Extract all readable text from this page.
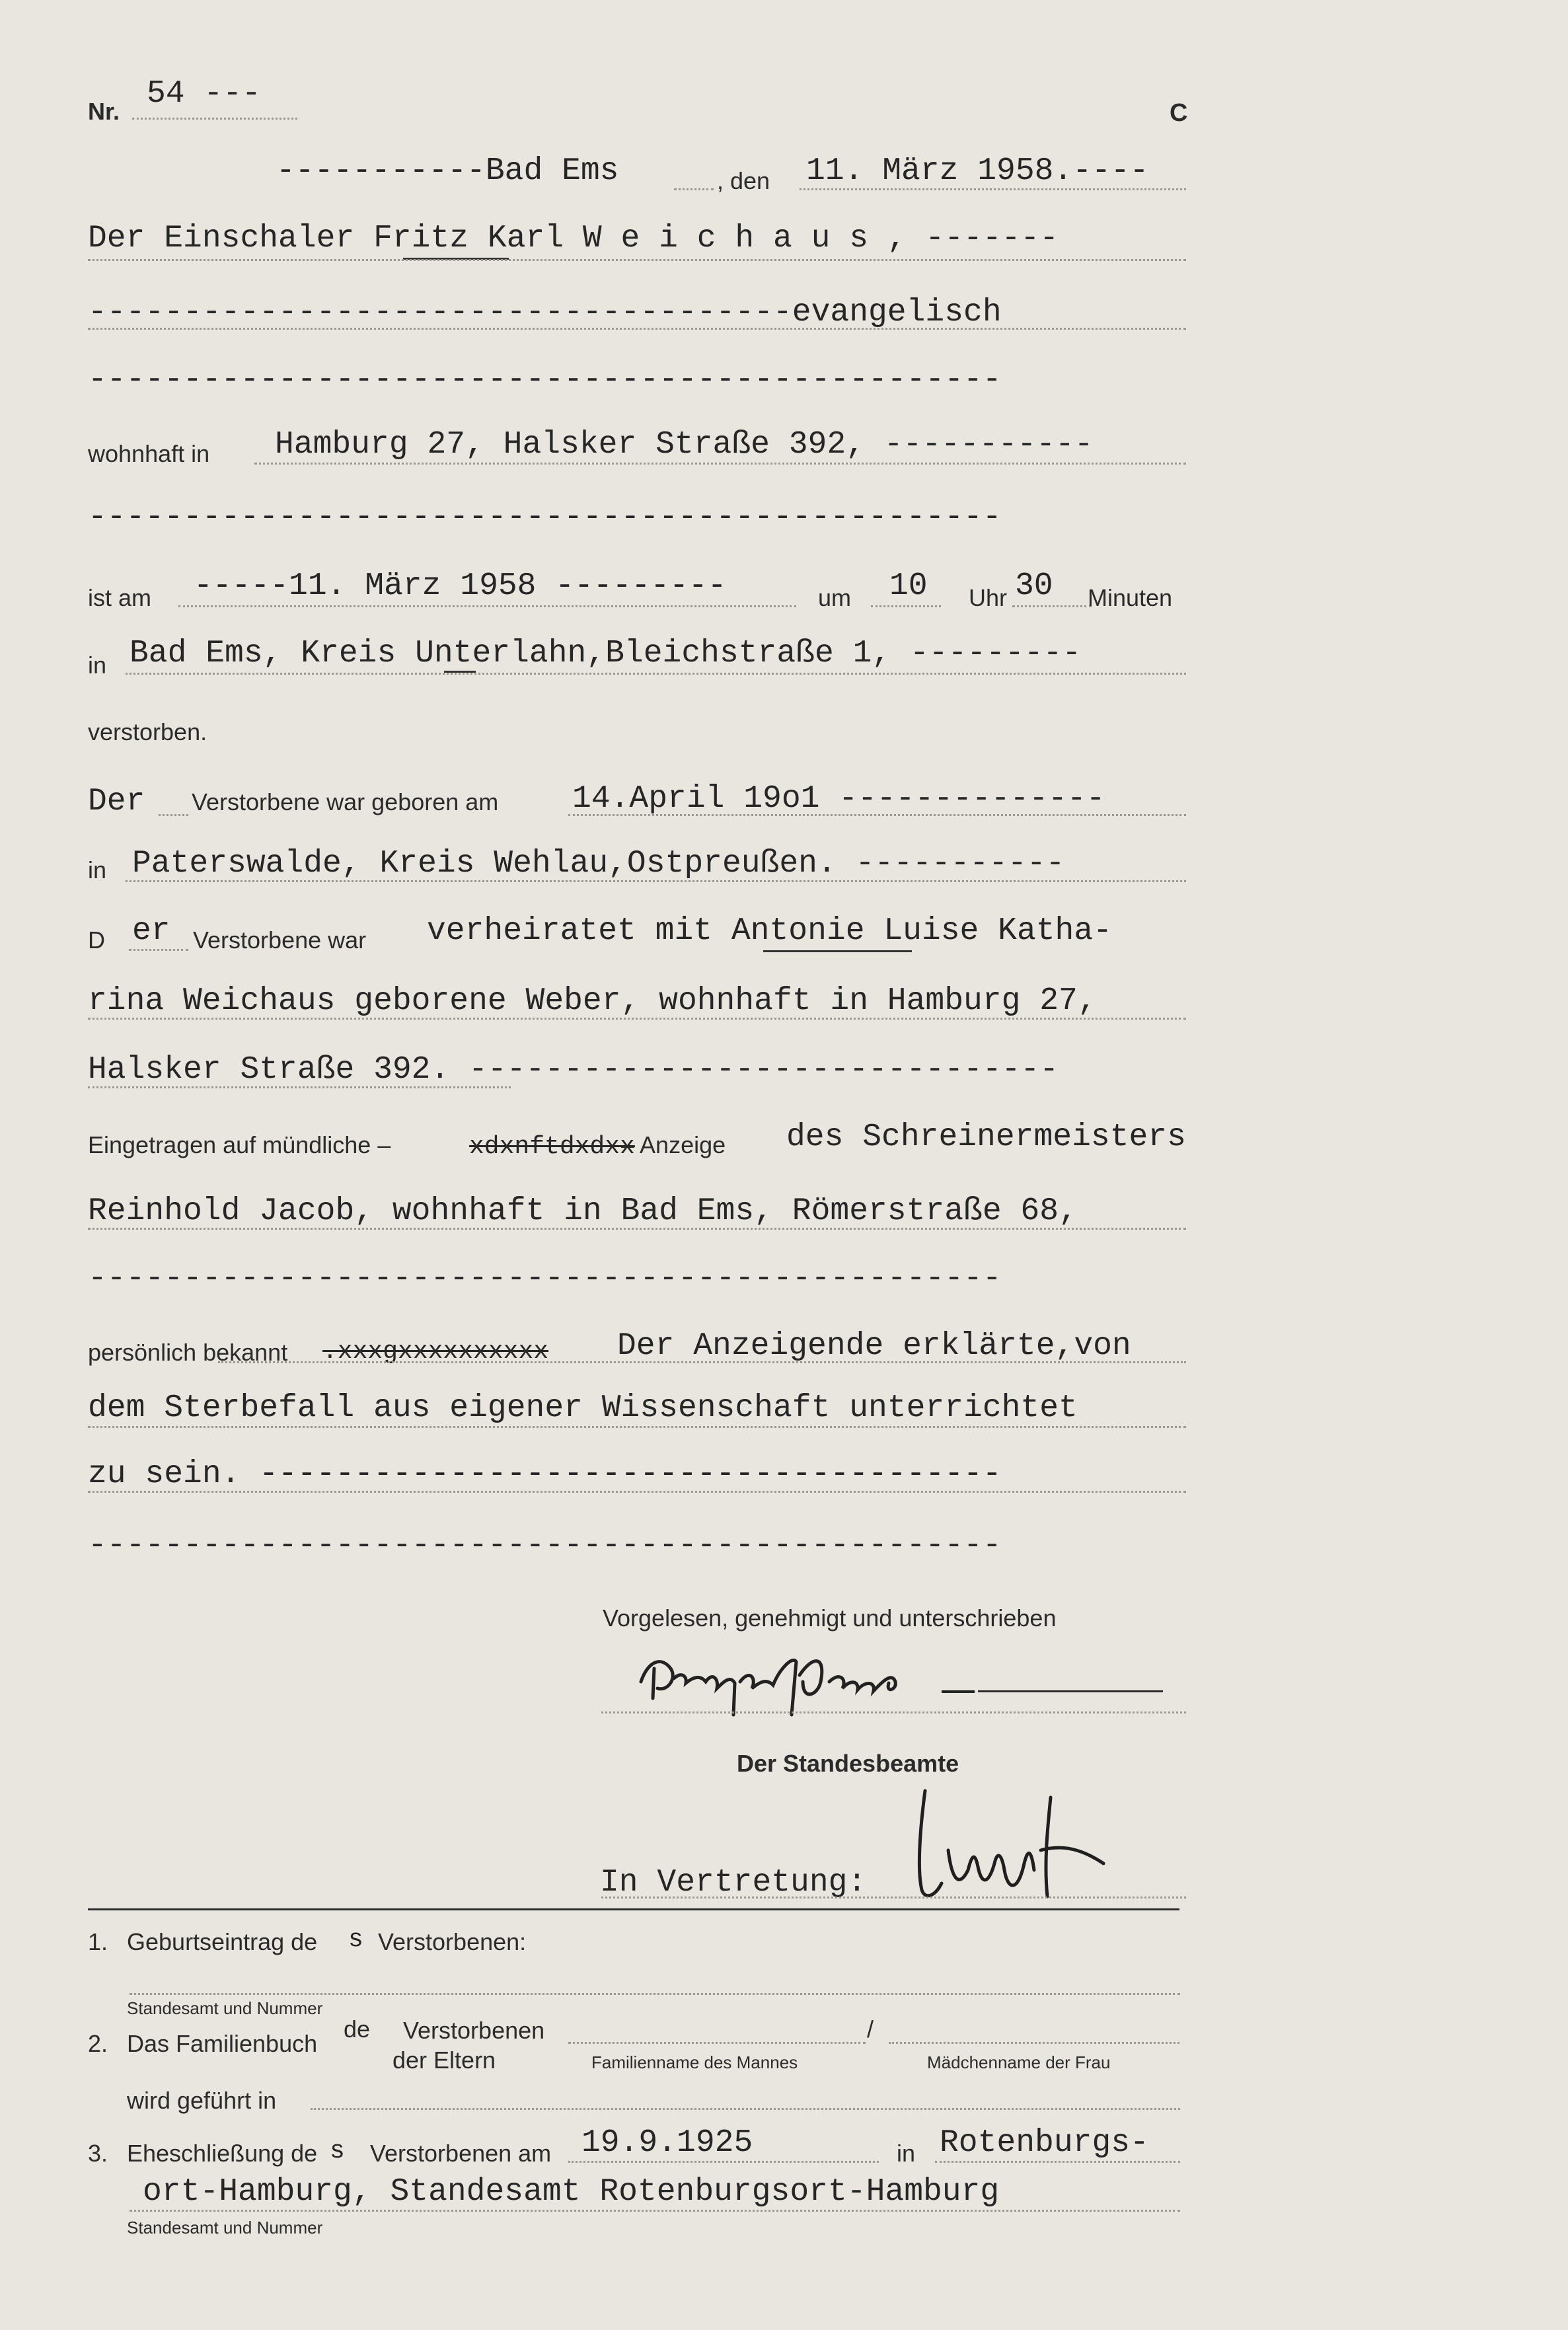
Nr. 54 ---
C
-----------Bad Ems	, den 11. März 1958.----
Der Einschaler Fritz Karl W e i c h a u s , -------
-------------------------------------evangelisch
------------------------------------------------
wohnhaft in Hamburg 27, Halsker Straße 392, -----------
------------------------------------------------
ist am -----11. März 1958 ---------	um 10 Uhr 30 Minuten
in Bad Ems, Kreis Unterlahn,Bleichstraße 1, ---------
verstorben.
Der Verstorbene war geboren am 14.April 19o1 --------------
in Paterswalde, Kreis Wehlau,Ostpreußen. -----------
D er Verstorbene war verheiratet mit Antonie Luise Katha-
rina Weichaus geborene Weber, wohnhaft in Hamburg 27,
Halsker Straße 392. -------------------------------
Eingetragen auf mündliche –	xdxnftdxdxx
– Anzeige des Schreinermeisters
Reinhold Jacob, wohnhaft in Bad Ems, Römerstraße 68,
------------------------------------------------
persönlich bekannt .xxxgxxxxxxxxxx Der Anzeigende erklärte,von
dem Sterbefall aus eigener Wissenschaft unterrichtet
zu sein. ---------------------------------------
------------------------------------------------
Vorgelesen, genehmigt und unterschrieben
Der Standesbeamte
In Vertretung:
1. Geburtseintrag de s Verstorbenen:
Standesamt und Nummer
2. Das Familienbuch
de Verstorbenen
der Eltern
/
Familienname des Mannes	Mädchenname der Frau
wird geführt in
3. Eheschließung de s Verstorbenen am 19.9.1925	in Rotenburgs-
ort-Hamburg, Standesamt Rotenburgsort-Hamburg
Standesamt und Nummer
